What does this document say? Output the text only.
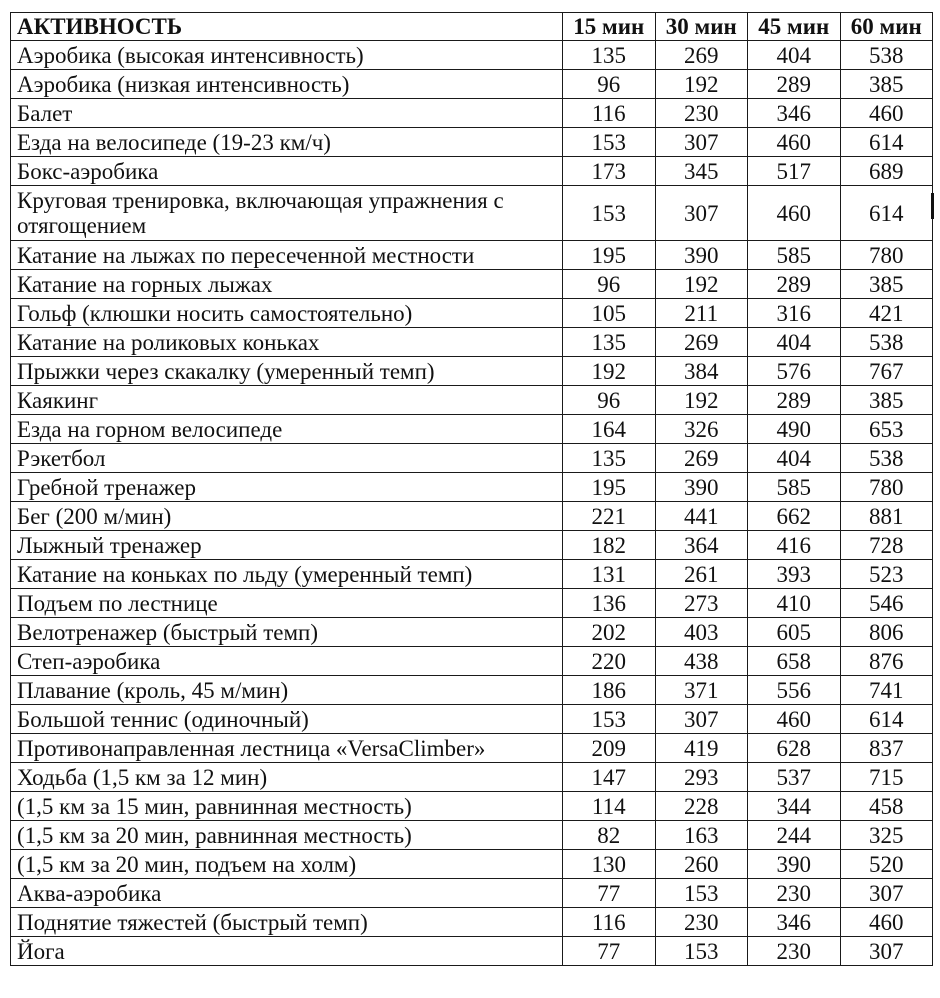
АКТИВНОСТЬ	15 мин	30 мин	45 мин	60 мин
Аэробика (высокая интенсивность)	135	269	404	538
Аэробика (низкая интенсивность)	96	192	289	385
Балет	116	230	346	460
Езда на велосипеде (19-23 км/ч)	153	307	460	614
Бокс-аэробика	173	345	517	689
Круговая тренировка, включающая упражнения с отягощением	153	307	460	614
Катание на лыжах по пересеченной местности	195	390	585	780
Катание на горных лыжах	96	192	289	385
Гольф (клюшки носить самостоятельно)	105	211	316	421
Катание на роликовых коньках	135	269	404	538
Прыжки через скакалку (умеренный темп)	192	384	576	767
Каякинг	96	192	289	385
Езда на горном велосипеде	164	326	490	653
Рэкетбол	135	269	404	538
Гребной тренажер	195	390	585	780
Бег (200 м/мин)	221	441	662	881
Лыжный тренажер	182	364	416	728
Катание на коньках по льду (умеренный темп)	131	261	393	523
Подъем по лестнице	136	273	410	546
Велотренажер (быстрый темп)	202	403	605	806
Степ-аэробика	220	438	658	876
Плавание (кроль, 45 м/мин)	186	371	556	741
Большой теннис (одиночный)	153	307	460	614
Противонаправленная лестница «VersaClimber»	209	419	628	837
Ходьба (1,5 км за 12 мин)	147	293	537	715
(1,5 км за 15 мин, равнинная местность)	114	228	344	458
(1,5 км за 20 мин, равнинная местность)	82	163	244	325
(1,5 км за 20 мин, подъем на холм)	130	260	390	520
Аква-аэробика	77	153	230	307
Поднятие тяжестей (быстрый темп)	116	230	346	460
Йога	77	153	230	307
